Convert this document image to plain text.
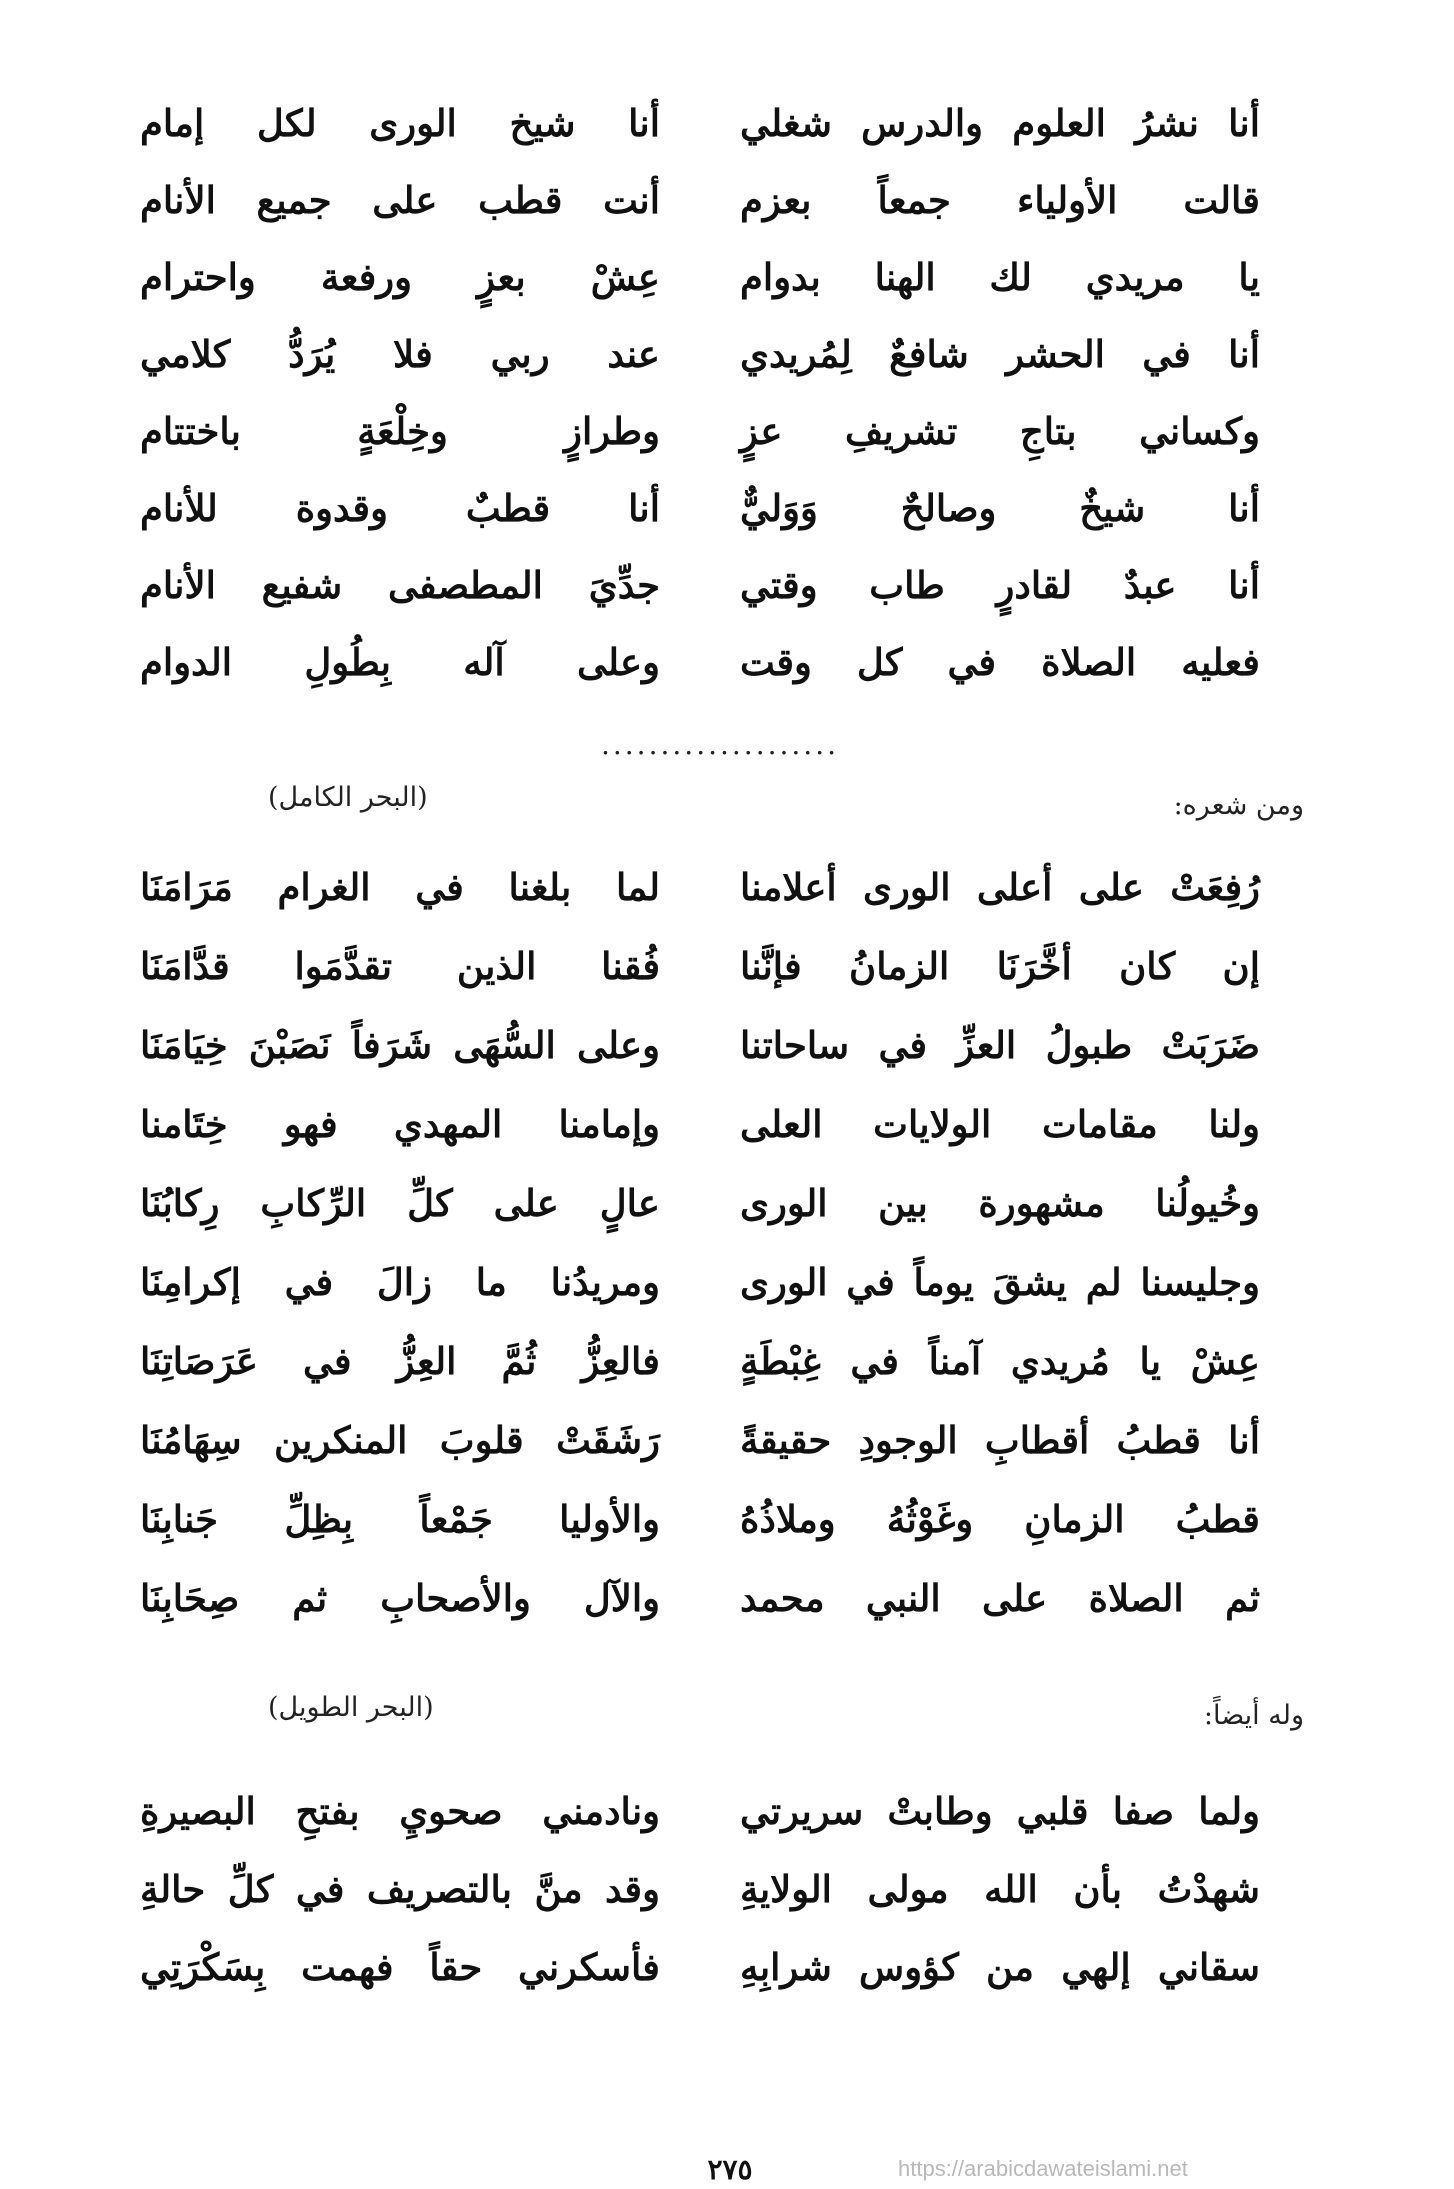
أنا نشرُ العلوم والدرس شغلي
أنا شيخ الورى لكل إمام
قالت الأولياء جمعاً بعزم
أنت قطب على جميع الأنام
يا مريدي لك الهنا بدوام
عِشْ بعزٍ ورفعة واحترام
أنا في الحشر شافعٌ لِمُريدي
عند ربي فلا يُرَدُّ كلامي
وكساني بتاجِ تشريفِ عزٍ
وطرازٍ وخِلْعَةٍ باختتام
أنا شيخٌ وصالحٌ وَوَليٌّ
أنا قطبٌ وقدوة للأنام
أنا عبدٌ لقادرٍ طاب وقتي
جدِّيَ المطصفى شفيع الأنام
فعليه الصلاة في كل وقت
وعلى آله بِطُولِ الدوام
....................
ومن شعره:
(البحر الكامل)
رُفِعَتْ على أعلى الورى أعلامنا
لما بلغنا في الغرام مَرَامَنَا
إن كان أخَّرَنَا الزمانُ فإنَّنا
فُقنا الذين تقدَّمَوا قدَّامَنَا
ضَرَبَتْ طبولُ العزِّ في ساحاتنا
وعلى السُّهَى شَرَفاً نَصَبْنَ خِيَامَنَا
ولنا مقامات الولايات العلى
وإمامنا المهدي فهو خِتَامنا
وخُيولُنا مشهورة بين الورى
عالٍ على كلِّ الرِّكابِ رِكابُنَا
وجليسنا لم يشقَ يوماً في الورى
ومريدُنا ما زالَ في إكرامِنَا
عِشْ يا مُريدي آمناً في غِبْطَةٍ
فالعِزُّ ثُمَّ العِزُّ في عَرَصَاتِنَا
أنا قطبُ أقطابِ الوجودِ حقيقةً
رَشَقَتْ قلوبَ المنكرين سِهَامُنَا
قطبُ الزمانِ وغَوْثُهُ وملاذُهُ
والأوليا جَمْعاً بِظِلِّ جَنابِنَا
ثم الصلاة على النبي محمد
والآل والأصحابِ ثم صِحَابِنَا
وله أيضاً:
(البحر الطويل)
ولما صفا قلبي وطابتْ سريرتي
ونادمني صحويِ بفتحِ البصيرةِ
شهدْتُ بأن الله مولى الولايةِ
وقد منَّ بالتصريف في كلِّ حالةِ
سقاني إلهي من كؤوس شرابِهِ
فأسكرني حقاً فهمت بِسَكْرَتِي
٢٧٥	https://arabicdawateislami.net
